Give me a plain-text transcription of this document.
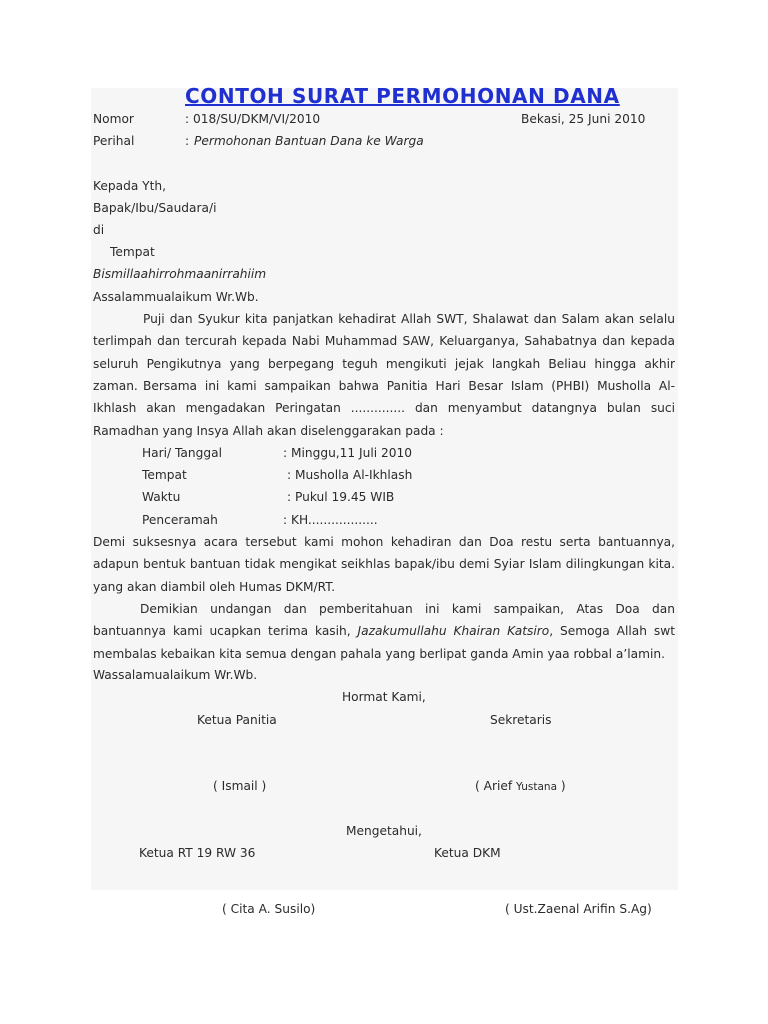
CONTOH SURAT PERMOHONAN DANA
Nomor	: 018/SU/DKM/VI/2010	Bekasi, 25 Juni 2010
Perihal	: Permohonan Bantuan Dana ke Warga
Kepada Yth,
Bapak/Ibu/Saudara/i
di
Tempat
Bismillaahirrohmaanirrahiim
Assalammualaikum Wr.Wb.
Puji dan Syukur kita panjatkan kehadirat Allah SWT, Shalawat dan Salam akan selalu terlimpah dan tercurah kepada Nabi Muhammad SAW, Keluarganya, Sahabatnya dan kepada seluruh Pengikutnya yang berpegang teguh mengikuti jejak langkah Beliau hingga akhir zaman. Bersama ini kami sampaikan bahwa Panitia Hari Besar Islam (PHBI) Musholla Al-Ikhlash akan mengadakan Peringatan .............. dan menyambut datangnya bulan suci Ramadhan yang Insya Allah akan diselenggarakan pada :
Hari/ Tanggal	: Minggu,11 Juli 2010
Tempat	: Musholla Al-Ikhlash
Waktu	: Pukul 19.45 WIB
Penceramah	: KH..................
Demi suksesnya acara tersebut kami mohon kehadiran dan Doa restu serta bantuannya, adapun bentuk bantuan tidak mengikat seikhlas bapak/ibu demi Syiar Islam dilingkungan kita. yang akan diambil oleh Humas DKM/RT.
Demikian undangan dan pemberitahuan ini kami sampaikan, Atas Doa dan bantuannya kami ucapkan terima kasih, Jazakumullahu Khairan Katsiro, Semoga Allah swt membalas kebaikan kita semua dengan pahala yang berlipat ganda Amin yaa robbal a’lamin.
Wassalamualaikum Wr.Wb.
Hormat Kami,
Ketua Panitia	Sekretaris
( Ismail )	( Arief Yustana )
Mengetahui,
Ketua RT 19 RW 36	Ketua DKM
( Cita A. Susilo)	( Ust.Zaenal Arifin S.Ag)
